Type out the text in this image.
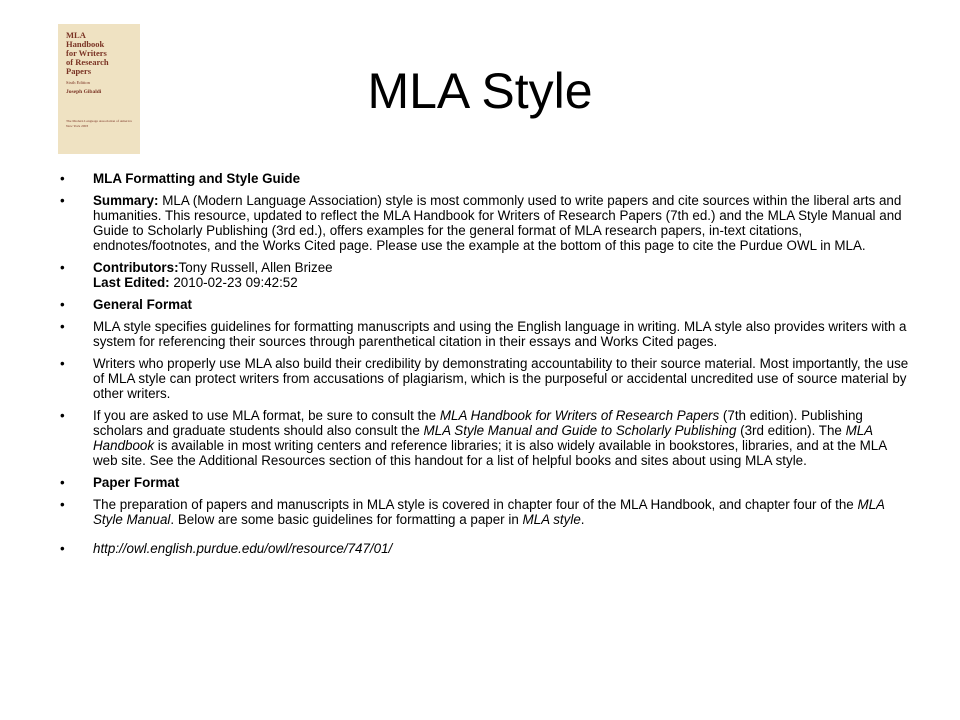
MLA
Handbook
for Writers
of Research
Papers
Sixth Edition
Joseph Gibaldi
The Modern Language Association of America New York 2003
MLA Style
• MLA Formatting and Style Guide
• Summary: MLA (Modern Language Association) style is most commonly used to write papers and cite sources within the liberal arts and humanities. This resource, updated to reflect the MLA Handbook for Writers of Research Papers (7th ed.) and the MLA Style Manual and Guide to Scholarly Publishing (3rd ed.), offers examples for the general format of MLA research papers, in-text citations, endnotes/footnotes, and the Works Cited page. Please use the example at the bottom of this page to cite the Purdue OWL in MLA.
• Contributors:Tony Russell, Allen Brizee
Last Edited: 2010-02-23 09:42:52
• General Format
• MLA style specifies guidelines for formatting manuscripts and using the English language in writing. MLA style also provides writers with a system for referencing their sources through parenthetical citation in their essays and Works Cited pages.
• Writers who properly use MLA also build their credibility by demonstrating accountability to their source material. Most importantly, the use of MLA style can protect writers from accusations of plagiarism, which is the purposeful or accidental uncredited use of source material by other writers.
• If you are asked to use MLA format, be sure to consult the MLA Handbook for Writers of Research Papers (7th edition). Publishing scholars and graduate students should also consult the MLA Style Manual and Guide to Scholarly Publishing (3rd edition). The MLA Handbook is available in most writing centers and reference libraries; it is also widely available in bookstores, libraries, and at the MLA web site. See the Additional Resources section of this handout for a list of helpful books and sites about using MLA style.
• Paper Format
• The preparation of papers and manuscripts in MLA style is covered in chapter four of the MLA Handbook, and chapter four of the MLA Style Manual. Below are some basic guidelines for formatting a paper in MLA style.
• http://owl.english.purdue.edu/owl/resource/747/01/
